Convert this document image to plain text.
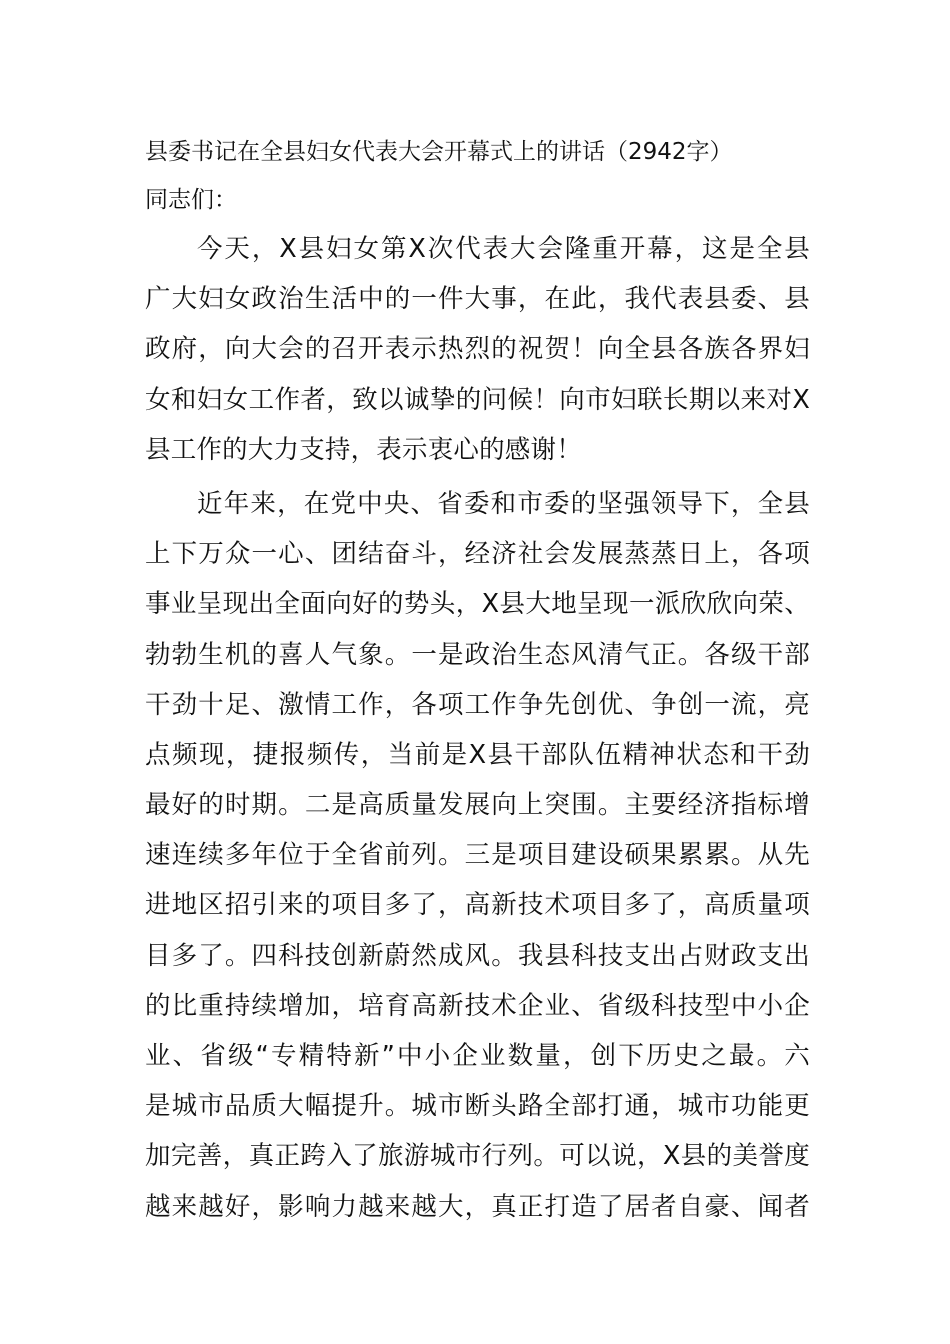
县委书记在全县妇女代表大会开幕式上的讲话（2942字）
同志们：
今天，X县妇女第X次代表大会隆重开幕，这是全县
广大妇女政治生活中的一件大事，在此，我代表县委、县
政府，向大会的召开表示热烈的祝贺！向全县各族各界妇
女和妇女工作者，致以诚挚的问候！向市妇联长期以来对X
县工作的大力支持，表示衷心的感谢！
近年来，在党中央、省委和市委的坚强领导下，全县
上下万众一心、团结奋斗，经济社会发展蒸蒸日上，各项
事业呈现出全面向好的势头，X县大地呈现一派欣欣向荣、
勃勃生机的喜人气象。一是政治生态风清气正。各级干部
干劲十足、激情工作，各项工作争先创优、争创一流，亮
点频现，捷报频传，当前是X县干部队伍精神状态和干劲
最好的时期。二是高质量发展向上突围。主要经济指标增
速连续多年位于全省前列。三是项目建设硕果累累。从先
进地区招引来的项目多了，高新技术项目多了，高质量项
目多了。四科技创新蔚然成风。我县科技支出占财政支出
的比重持续增加，培育高新技术企业、省级科技型中小企
业、省级“专精特新”中小企业数量，创下历史之最。六
是城市品质大幅提升。城市断头路全部打通，城市功能更
加完善，真正跨入了旅游城市行列。可以说，X县的美誉度
越来越好，影响力越来越大，真正打造了居者自豪、闻者
